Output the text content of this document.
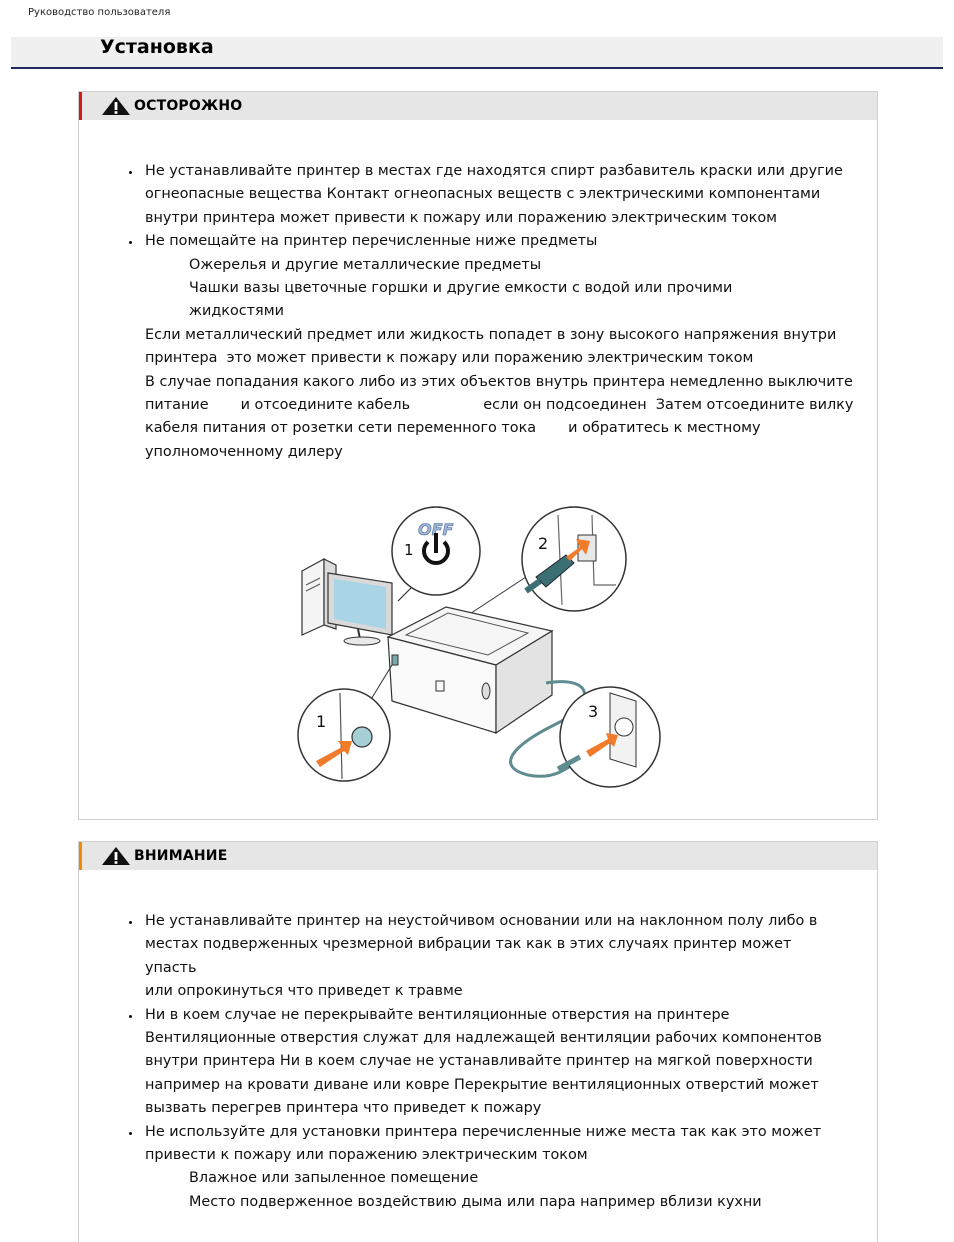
Руководство пользователя
Установка
ОСТОРОЖНО

Не устанавливайте принтер в местах где находятся спирт разбавитель краски или другие

огнеопасные вещества Контакт огнеопасных веществ с электрическими компонентами

внутри принтера может привести к пожару или поражению электрическим током

Не помещайте на принтер перечисленные ниже предметы

Ожерелья и другие металлические предметы

Чашки вазы цветочные горшки и другие емкости с водой или прочими

жидкостями

Если металлический предмет или жидкость попадет в зону высокого напряжения внутри

принтера  это может привести к пожару или поражению электрическим током

В случае попадания какого либо из этих объектов внутрь принтера немедленно выключите

питание       и отсоедините кабель                если он подсоединен  Затем отсоедините вилку

кабеля питания от розетки сети переменного тока       и обратитесь к местному

уполномоченному дилеру

OFF
1	2
1
3
ВНИМАНИЕ

Не устанавливайте принтер на неустойчивом основании или на наклонном полу либо в

местах подверженных чрезмерной вибрации так как в этих случаях принтер может упасть

или опрокинуться что приведет к травме

Ни в коем случае не перекрывайте вентиляционные отверстия на принтере

Вентиляционные отверстия служат для надлежащей вентиляции рабочих компонентов

внутри принтера Ни в коем случае не устанавливайте принтер на мягкой поверхности

например на кровати диване или ковре Перекрытие вентиляционных отверстий может

вызвать перегрев принтера что приведет к пожару

Не используйте для установки принтера перечисленные ниже места так как это может

привести к пожару или поражению электрическим током

Влажное или запыленное помещение

Место подверженное воздействию дыма или пара например вблизи кухни
